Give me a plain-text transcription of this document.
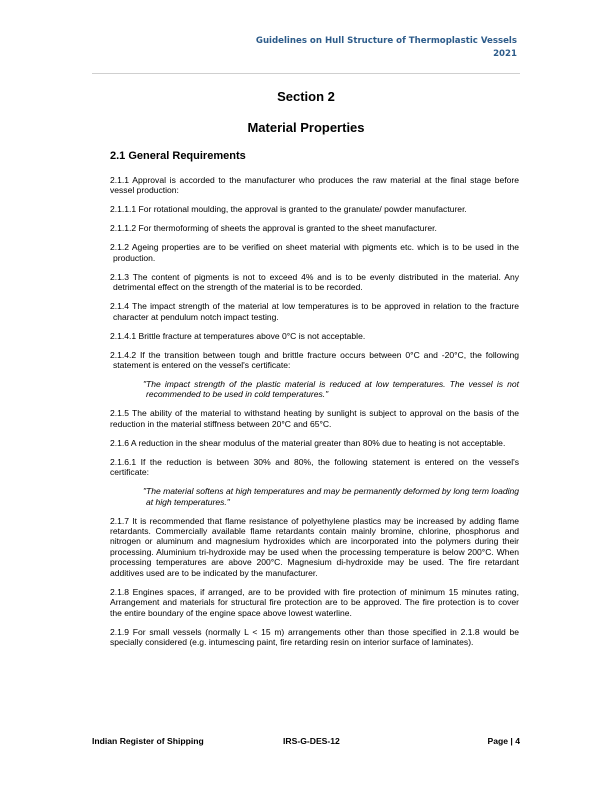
Guidelines on Hull Structure of Thermoplastic Vessels
2021
Section 2
Material Properties
2.1 General Requirements

2.1.1 Approval is accorded to the manufacturer who produces the raw material at the final stage before vessel production:

2.1.1.1 For rotational moulding, the approval is granted to the granulate/ powder manufacturer.

2.1.1.2 For thermoforming of sheets the approval is granted to the sheet manufacturer.

2.1.2 Ageing properties are to be verified on sheet material with pigments etc. which is to be used in the production.

2.1.3 The content of pigments is not to exceed 4% and is to be evenly distributed in the material. Any detrimental effect on the strength of the material is to be recorded.

2.1.4 The impact strength of the material at low temperatures is to be approved in relation to the fracture character at pendulum notch impact testing.

2.1.4.1 Brittle fracture at temperatures above 0°C is not acceptable.

2.1.4.2 If the transition between tough and brittle fracture occurs between 0°C and -20°C, the following statement is entered on the vessel's certificate:

"The impact strength of the plastic material is reduced at low temperatures. The vessel is not recommended to be used in cold temperatures."

2.1.5 The ability of the material to withstand heating by sunlight is subject to approval on the basis of the reduction in the material stiffness between 20°C and 65°C.

2.1.6 A reduction in the shear modulus of the material greater than 80% due to heating is not acceptable.

2.1.6.1 If the reduction is between 30% and 80%, the following statement is entered on the vessel's certificate:

"The material softens at high temperatures and may be permanently deformed by long term loading at high temperatures."

2.1.7 It is recommended that flame resistance of polyethylene plastics may be increased by adding flame retardants. Commercially available flame retardants contain mainly bromine, chlorine, phosphorus and nitrogen or aluminum and magnesium hydroxides which are incorporated into the polymers during their processing. Aluminium tri-hydroxide may be used when the processing temperature is below 200°C. When processing temperatures are above 200°C. Magnesium di-hydroxide may be used. The fire retardant additives used are to be indicated by the manufacturer.

2.1.8 Engines spaces, if arranged, are to be provided with fire protection of minimum 15 minutes rating, Arrangement and materials for structural fire protection are to be approved. The fire protection is to cover the entire boundary of the engine space above lowest waterline.

2.1.9 For small vessels (normally L < 15 m) arrangements other than those specified in 2.1.8 would be specially considered (e.g. intumescing paint, fire retarding resin on interior surface of laminates).

Indian Register of Shipping	IRS-G-DES-12	Page | 4
